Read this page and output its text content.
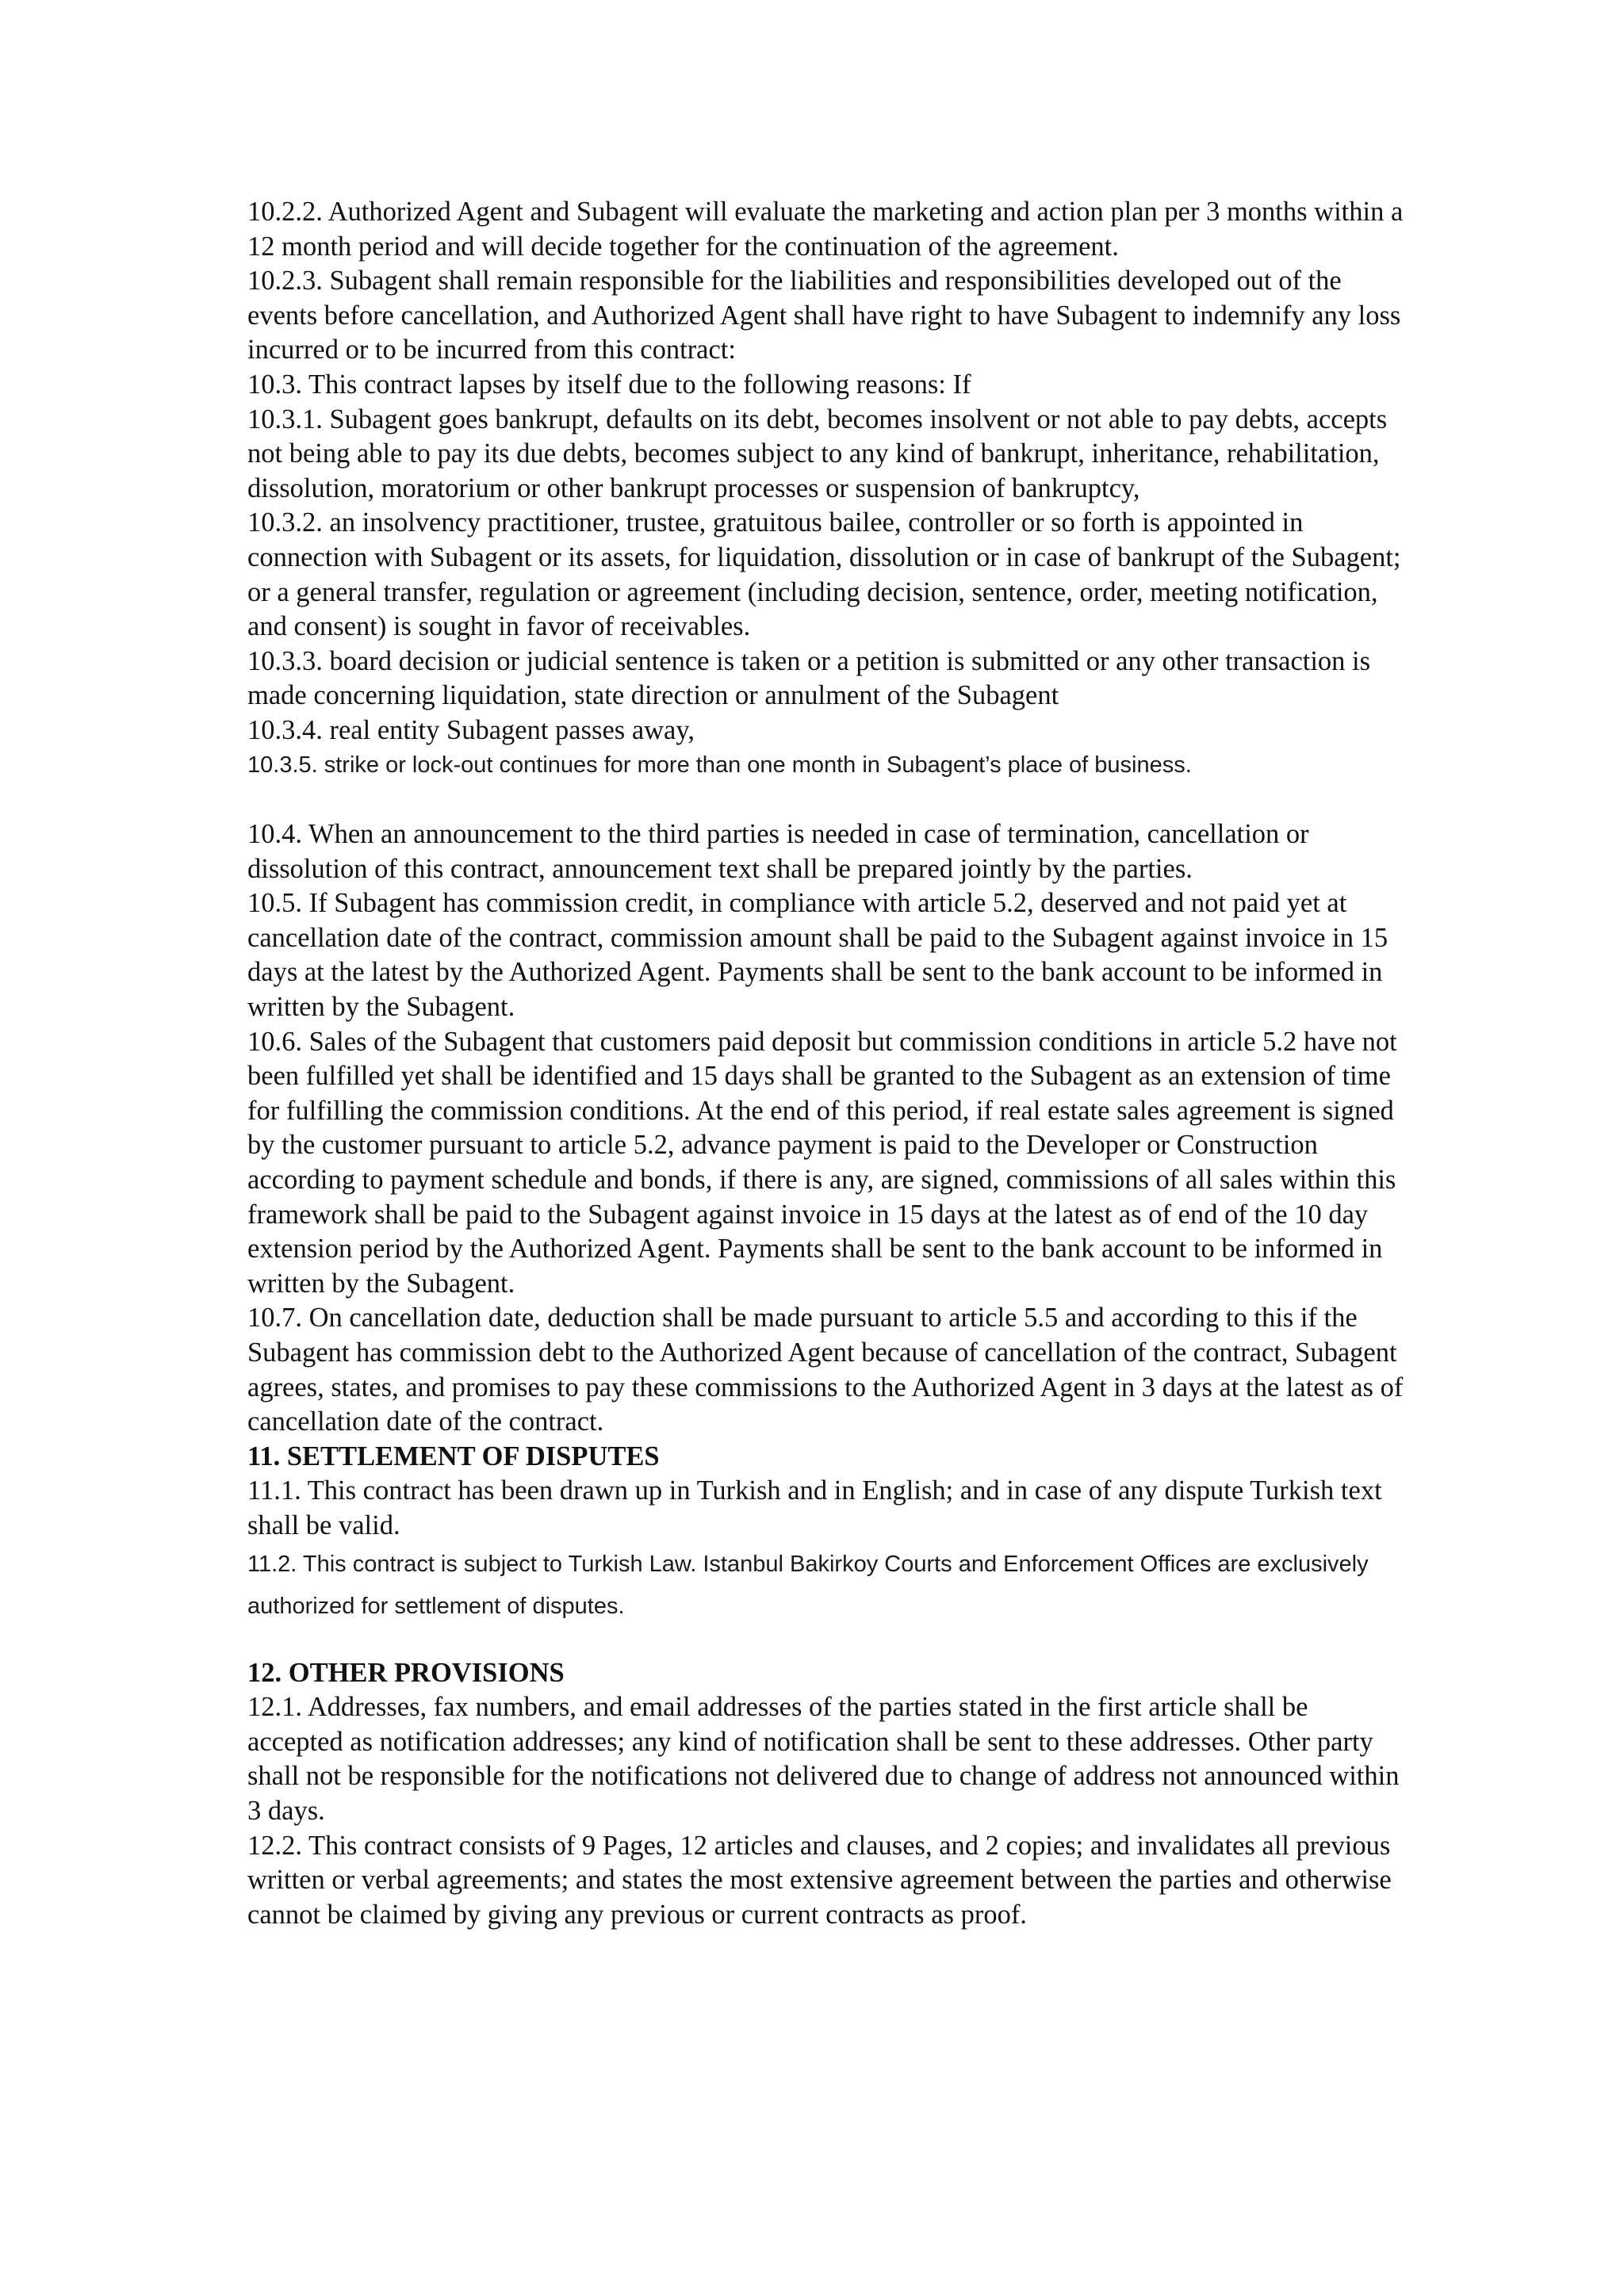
10.2.2. Authorized Agent and Subagent will evaluate the marketing and action plan per 3 months within a 12 month period and will decide together for the continuation of the agreement.

10.2.3. Subagent shall remain responsible for the liabilities and responsibilities developed out of the events before cancellation, and Authorized Agent shall have right to have Subagent to indemnify any loss incurred or to be incurred from this contract:

10.3. This contract lapses by itself due to the following reasons: If

10.3.1. Subagent goes bankrupt, defaults on its debt, becomes insolvent or not able to pay debts, accepts not being able to pay its due debts, becomes subject to any kind of bankrupt, inheritance, rehabilitation, dissolution, moratorium or other bankrupt processes or suspension of bankruptcy,

10.3.2. an insolvency practitioner, trustee, gratuitous bailee, controller or so forth is appointed in connection with Subagent or its assets, for liquidation, dissolution or in case of bankrupt of the Subagent; or a general transfer, regulation or agreement (including decision, sentence, order, meeting notification, and consent) is sought in favor of receivables.

10.3.3. board decision or judicial sentence is taken or a petition is submitted or any other transaction is made concerning liquidation, state direction or annulment of the Subagent

10.3.4. real entity Subagent passes away,

10.3.5. strike or lock-out continues for more than one month in Subagent’s place of business.

10.4. When an announcement to the third parties is needed in case of termination, cancellation or dissolution of this contract, announcement text shall be prepared jointly by the parties.

10.5. If Subagent has commission credit, in compliance with article 5.2, deserved and not paid yet at cancellation date of the contract, commission amount shall be paid to the Subagent against invoice in 15 days at the latest by the Authorized Agent. Payments shall be sent to the bank account to be informed in written by the Subagent.

10.6. Sales of the Subagent that customers paid deposit but commission conditions in article 5.2 have not been fulfilled yet shall be identified and 15 days shall be granted to the Subagent as an extension of time for fulfilling the commission conditions. At the end of this period, if real estate sales agreement is signed by the customer pursuant to article 5.2, advance payment is paid to the Developer or Construction according to payment schedule and bonds, if there is any, are signed, commissions of all sales within this framework shall be paid to the Subagent against invoice in 15 days at the latest as of end of the 10 day extension period by the Authorized Agent. Payments shall be sent to the bank account to be informed in written by the Subagent.

10.7. On cancellation date, deduction shall be made pursuant to article 5.5 and according to this if the Subagent has commission debt to the Authorized Agent because of cancellation of the contract, Subagent agrees, states, and promises to pay these commissions to the Authorized Agent in 3 days at the latest as of cancellation date of the contract.

11. SETTLEMENT OF DISPUTES

11.1. This contract has been drawn up in Turkish and in English; and in case of any dispute Turkish text shall be valid.

11.2. This contract is subject to Turkish Law. Istanbul Bakirkoy Courts and Enforcement Offices are exclusively authorized for settlement of disputes.

12. OTHER PROVISIONS

12.1. Addresses, fax numbers, and email addresses of the parties stated in the first article shall be accepted as notification addresses; any kind of notification shall be sent to these addresses. Other party shall not be responsible for the notifications not delivered due to change of address not announced within 3 days.

12.2. This contract consists of 9 Pages, 12 articles and clauses, and 2 copies; and invalidates all previous written or verbal agreements; and states the most extensive agreement between the parties and otherwise cannot be claimed by giving any previous or current contracts as proof.
